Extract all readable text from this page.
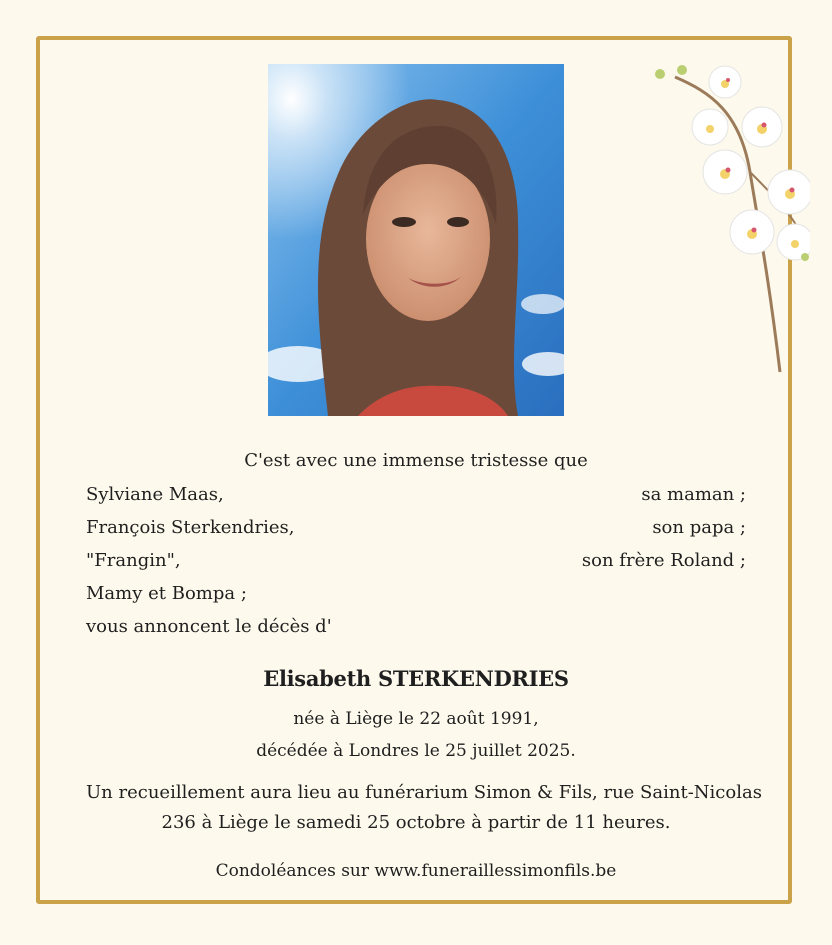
C'est avec une immense tristesse que
Sylviane Maas,	sa maman ;
François Sterkendries,	son papa ;
"Frangin",	son frère Roland ;
Mamy et Bompa ;
vous annoncent le décès d'
Elisabeth STERKENDRIES
née à Liège le 22 août 1991,
décédée à Londres le 25 juillet 2025.
Un recueillement aura lieu au funérarium Simon & Fils, rue Saint-Nicolas
236 à Liège le samedi 25 octobre à partir de 11 heures.
Condoléances sur www.funeraillessimonfils.be
